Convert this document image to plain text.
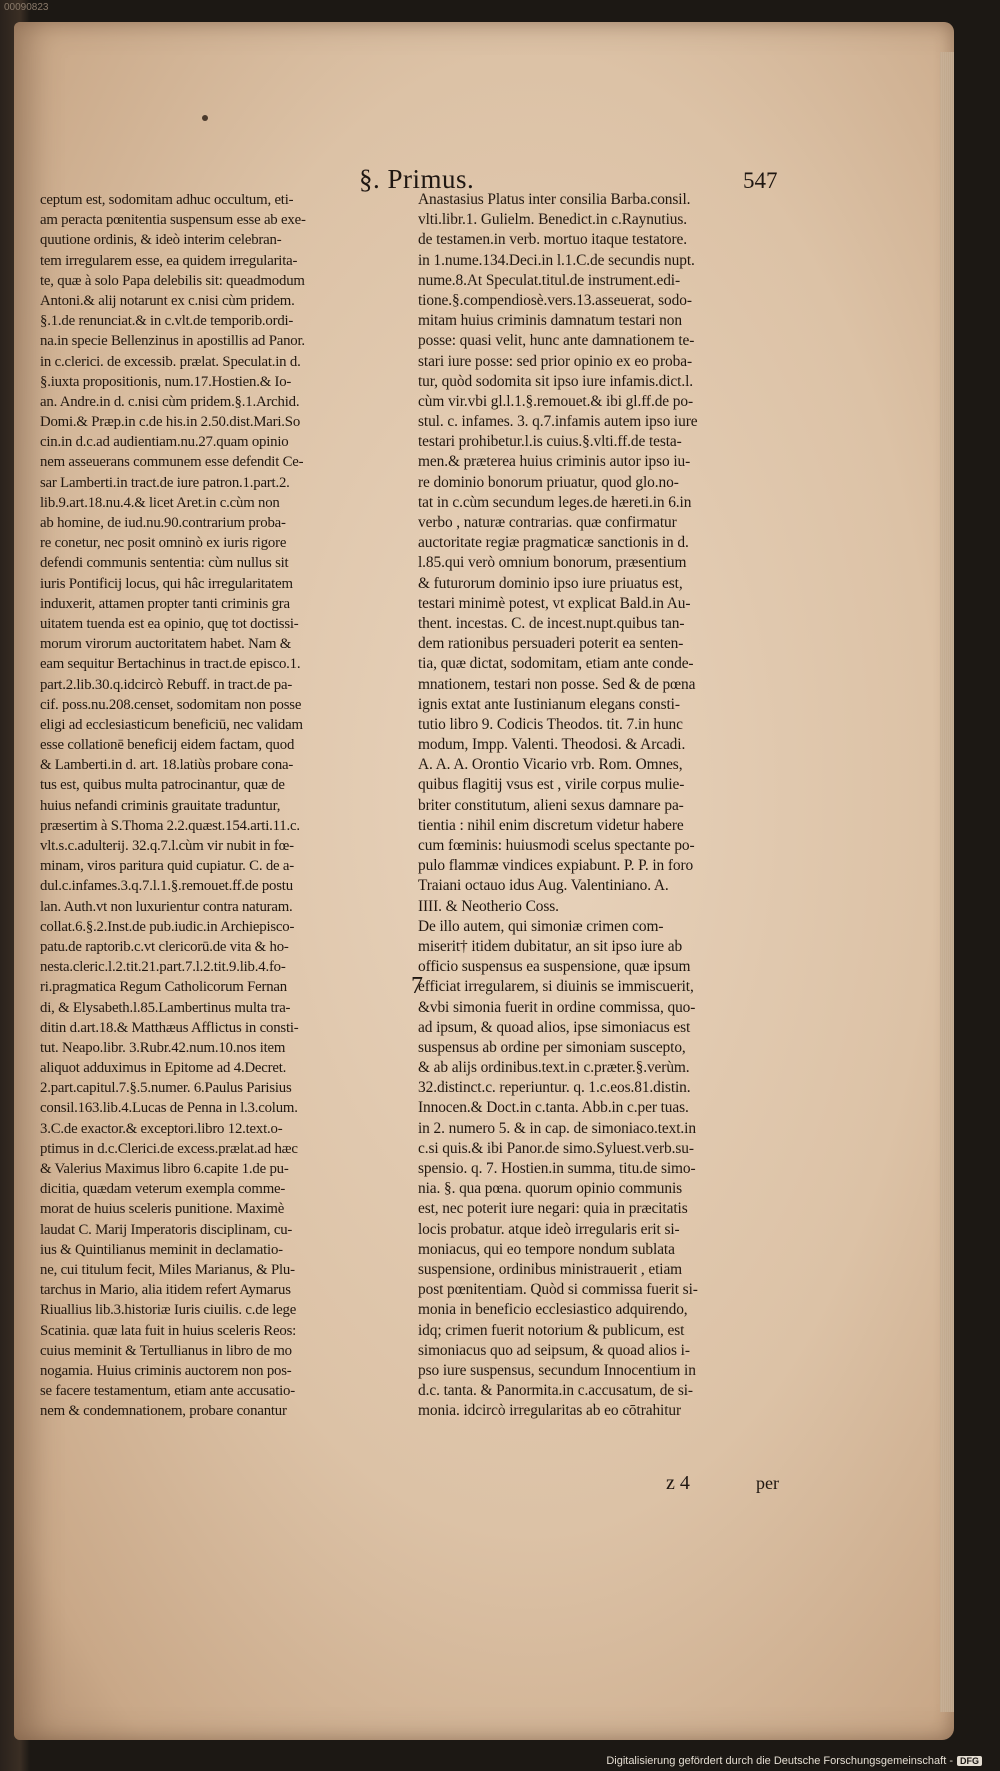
00090823
§. Primus.	547
ceptum est, sodomitam adhuc occultum, eti-
am peracta pœnitentia suspensum esse ab exe-
quutione ordinis, & ideò interim celebran-
tem irregularem esse, ea quidem irregularita-
te, quæ à solo Papa delebilis sit: queadmodum
Antoni.& alij notarunt ex c.nisi cùm pridem.
§.1.de renunciat.& in c.vlt.de temporib.ordi-
na.in specie Bellenzinus in apostillis ad Panor.
in c.clerici. de excessib. prælat. Speculat.in d.
§.iuxta propositionis, num.17.Hostien.& Io-
an. Andre.in d. c.nisi cùm pridem.§.1.Archid.
Domi.& Præp.in c.de his.in 2.50.dist.Mari.So
cin.in d.c.ad audientiam.nu.27.quam opinio
nem asseuerans communem esse defendit Ce-
sar Lamberti.in tract.de iure patron.1.part.2.
lib.9.art.18.nu.4.& licet Aret.in c.cùm non
ab homine, de iud.nu.90.contrarium proba-
re conetur, nec posit omninò ex iuris rigore
defendi communis sententia: cùm nullus sit
iuris Pontificij locus, qui hâc irregularitatem
induxerit, attamen propter tanti criminis gra
uitatem tuenda est ea opinio, quę tot doctissi-
morum virorum auctoritatem habet. Nam &
eam sequitur Bertachinus in tract.de episco.1.
part.2.lib.30.q.idcircò Rebuff. in tract.de pa-
cif. poss.nu.208.censet, sodomitam non posse
eligi ad ecclesiasticum beneficiū, nec validam
esse collationē beneficij eidem factam, quod
& Lamberti.in d. art. 18.latiùs probare cona-
tus est, quibus multa patrocinantur, quæ de
huius nefandi criminis grauitate traduntur,
præsertim à S.Thoma 2.2.quæst.154.arti.11.c.
vlt.s.c.adulterij. 32.q.7.l.cùm vir nubit in fœ-
minam, viros paritura quid cupiatur. C. de a-
dul.c.infames.3.q.7.l.1.§.remouet.ff.de postu
lan. Auth.vt non luxurientur contra naturam.
collat.6.§.2.Inst.de pub.iudic.in Archiepisco-
patu.de raptorib.c.vt clericorū.de vita & ho-
nesta.cleric.l.2.tit.21.part.7.l.2.tit.9.lib.4.fo-
ri.pragmatica Regum Catholicorum Fernan
di, & Elysabeth.l.85.Lambertinus multa tra-
ditin d.art.18.& Matthæus Afflictus in consti-
tut. Neapo.libr. 3.Rubr.42.num.10.nos item
aliquot adduximus in Epitome ad 4.Decret.
2.part.capitul.7.§.5.numer. 6.Paulus Parisius
consil.163.lib.4.Lucas de Penna in l.3.colum.
3.C.de exactor.& exceptori.libro 12.text.o-
ptimus in d.c.Clerici.de excess.prælat.ad hæc
& Valerius Maximus libro 6.capite 1.de pu-
dicitia, quædam veterum exempla comme-
morat de huius sceleris punitione. Maximè
laudat C. Marij Imperatoris disciplinam, cu-
ius & Quintilianus meminit in declamatio-
ne, cui titulum fecit, Miles Marianus, & Plu-
tarchus in Mario, alia itidem refert Aymarus
Riuallius lib.3.historiæ Iuris ciuilis. c.de lege
Scatinia. quæ lata fuit in huius sceleris Reos:
cuius meminit & Tertullianus in libro de mo
nogamia. Huius criminis auctorem non pos-
se facere testamentum, etiam ante accusatio-
nem & condemnationem, probare conantur
Anastasius Platus inter consilia Barba.consil.
vlti.libr.1. Gulielm. Benedict.in c.Raynutius.
de testamen.in verb. mortuo itaque testatore.
in 1.nume.134.Deci.in l.1.C.de secundis nupt.
nume.8.At Speculat.titul.de instrument.edi-
tione.§.compendiosè.vers.13.asseuerat, sodo-
mitam huius criminis damnatum testari non
posse: quasi velit, hunc ante damnationem te-
stari iure posse: sed prior opinio ex eo proba-
tur, quòd sodomita sit ipso iure infamis.dict.l.
cùm vir.vbi gl.l.1.§.remouet.& ibi gl.ff.de po-
stul. c. infames. 3. q.7.infamis autem ipso iure
testari prohibetur.l.is cuius.§.vlti.ff.de testa-
men.& præterea huius criminis autor ipso iu-
re dominio bonorum priuatur, quod glo.no-
tat in c.cùm secundum leges.de hæreti.in 6.in
verbo , naturæ contrarias. quæ confirmatur
auctoritate regiæ pragmaticæ sanctionis in d.
l.85.qui verò omnium bonorum, præsentium
& futurorum dominio ipso iure priuatus est,
testari minimè potest, vt explicat Bald.in Au-
thent. incestas. C. de incest.nupt.quibus tan-
dem rationibus persuaderi poterit ea senten-
tia, quæ dictat, sodomitam, etiam ante conde-
mnationem, testari non posse. Sed & de pœna
ignis extat ante Iustinianum elegans consti-
tutio libro 9. Codicis Theodos. tit. 7.in hunc
modum, Impp. Valenti. Theodosi. & Arcadi.
A. A. A. Orontio Vicario vrb. Rom. Omnes,
quibus flagitij vsus est , virile corpus mulie-
briter constitutum, alieni sexus damnare pa-
tientia : nihil enim discretum videtur habere
cum fœminis: huiusmodi scelus spectante po-
pulo flammæ vindices expiabunt. P. P. in foro
Traiani octauo idus Aug. Valentiniano. A.
IIII. & Neotherio Coss.
De illo autem, qui simoniæ crimen com-
miserit† itidem dubitatur, an sit ipso iure ab
officio suspensus ea suspensione, quæ ipsum
efficiat irregularem, si diuinis se immiscuerit,
&vbi simonia fuerit in ordine commissa, quo-
ad ipsum, & quoad alios, ipse simoniacus est
suspensus ab ordine per simoniam suscepto,
& ab alijs ordinibus.text.in c.præter.§.verùm.
32.distinct.c. reperiuntur. q. 1.c.eos.81.distin.
Innocen.& Doct.in c.tanta. Abb.in c.per tuas.
in 2. numero 5. & in cap. de simoniaco.text.in
c.si quis.& ibi Panor.de simo.Syluest.verb.su-
spensio. q. 7. Hostien.in summa, titu.de simo-
nia. §. qua pœna. quorum opinio communis
est, nec poterit iure negari: quia in præcitatis
locis probatur. atque ideò irregularis erit si-
moniacus, qui eo tempore nondum sublata
suspensione, ordinibus ministrauerit , etiam
post pœnitentiam. Quòd si commissa fuerit si-
monia in beneficio ecclesiastico adquirendo,
idq; crimen fuerit notorium & publicum, est
simoniacus quo ad seipsum, & quoad alios i-
pso iure suspensus, secundum Innocentium in
d.c. tanta. & Panormita.in c.accusatum, de si-
monia. idcircò irregularitas ab eo cōtrahitur
7
z 4	per
Digitalisierung gefördert durch die Deutsche Forschungsgemeinschaft - DFG
